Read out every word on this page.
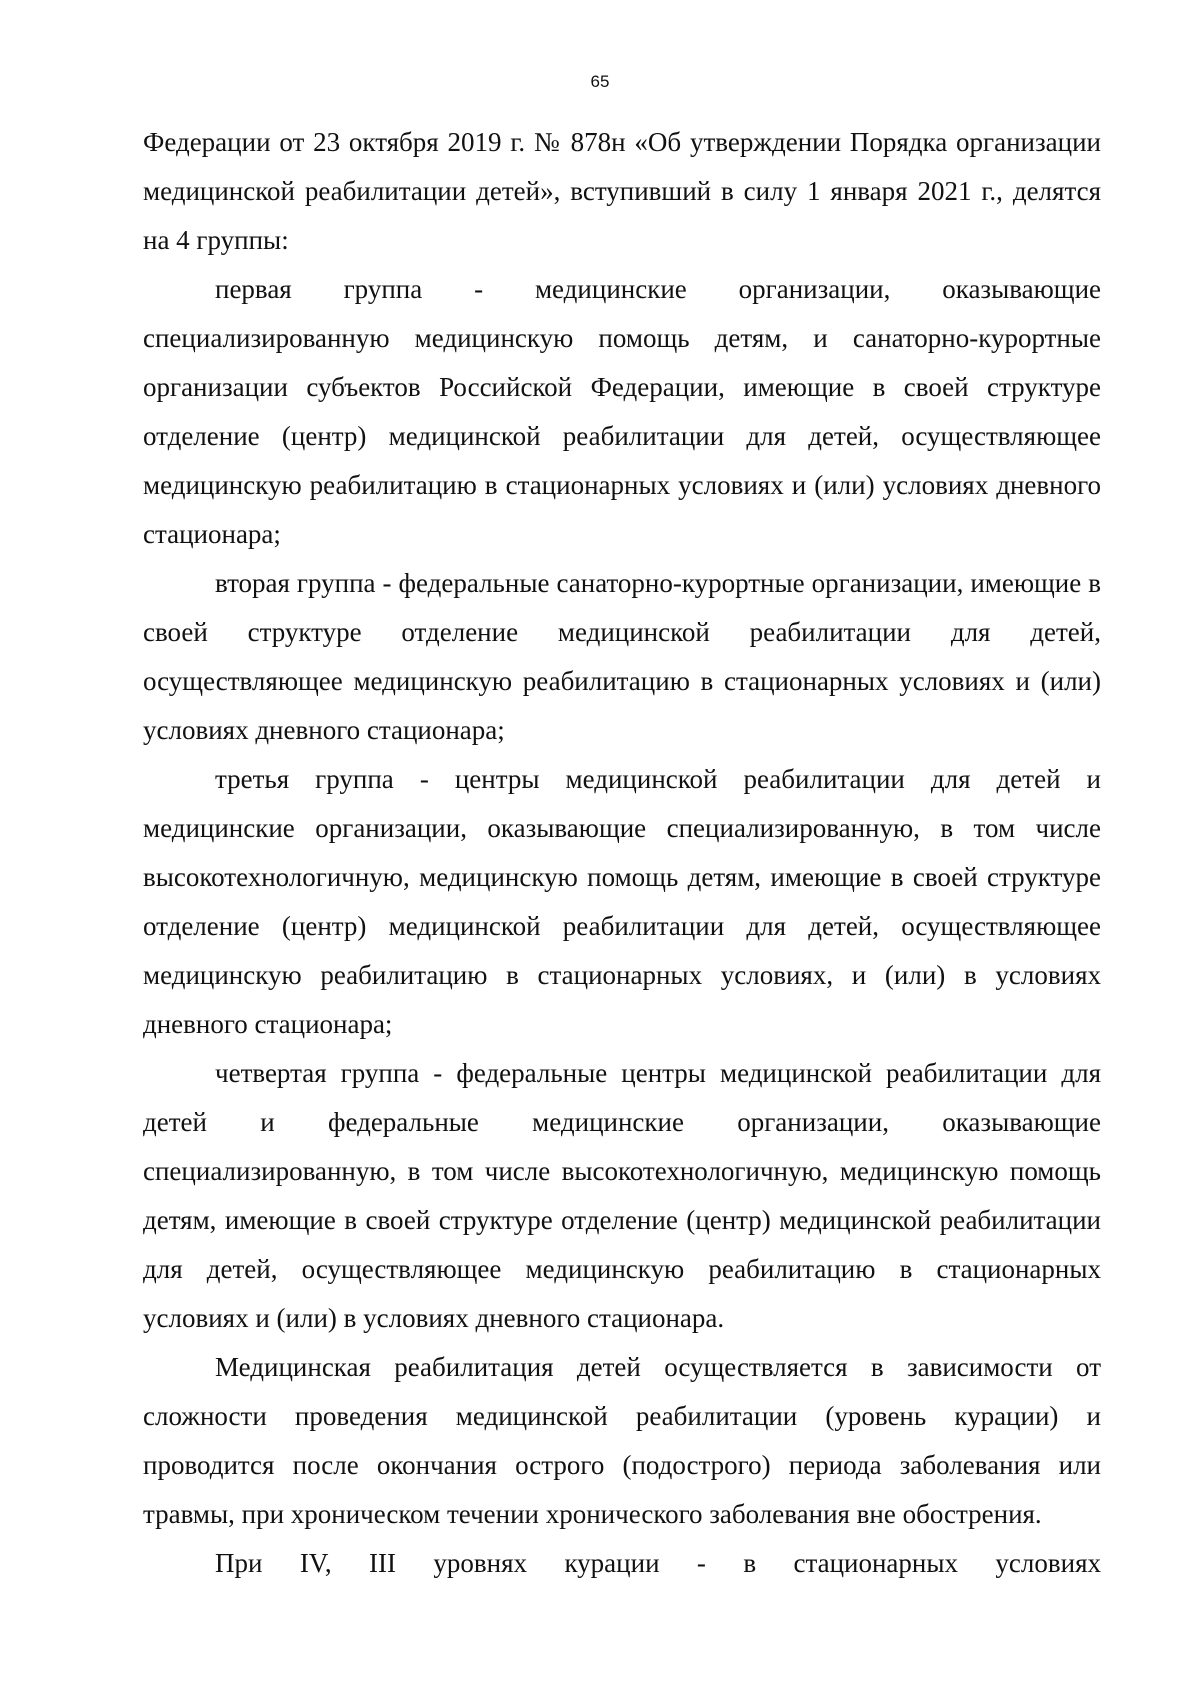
65

Федерации от 23 октября 2019 г. № 878н «Об утверждении Порядка организации медицинской реабилитации детей», вступивший в силу 1 января 2021 г., делятся на 4 группы:

первая группа - медицинские организации, оказывающие специализированную медицинскую помощь детям, и санаторно-курортные организации субъектов Российской Федерации, имеющие в своей структуре отделение (центр) медицинской реабилитации для детей, осуществляющее медицинскую реабилитацию в стационарных условиях и (или) условиях дневного стационара;

вторая группа - федеральные санаторно-курортные организации, имеющие в своей структуре отделение медицинской реабилитации для детей, осуществляющее медицинскую реабилитацию в стационарных условиях и (или) условиях дневного стационара;

третья группа - центры медицинской реабилитации для детей и медицинские организации, оказывающие специализированную, в том числе высокотехнологичную, медицинскую помощь детям, имеющие в своей структуре отделение (центр) медицинской реабилитации для детей, осуществляющее медицинскую реабилитацию в стационарных условиях, и (или) в условиях дневного стационара;

четвертая группа - федеральные центры медицинской реабилитации для детей и федеральные медицинские организации, оказывающие специализированную, в том числе высокотехнологичную, медицинскую помощь детям, имеющие в своей структуре отделение (центр) медицинской реабилитации для детей, осуществляющее медицинскую реабилитацию в стационарных условиях и (или) в условиях дневного стационара.

Медицинская реабилитация детей осуществляется в зависимости от сложности проведения медицинской реабилитации (уровень курации) и проводится после окончания острого (подострого) периода заболевания или травмы, при хроническом течении хронического заболевания вне обострения.

При IV, III уровнях курации - в стационарных условиях
